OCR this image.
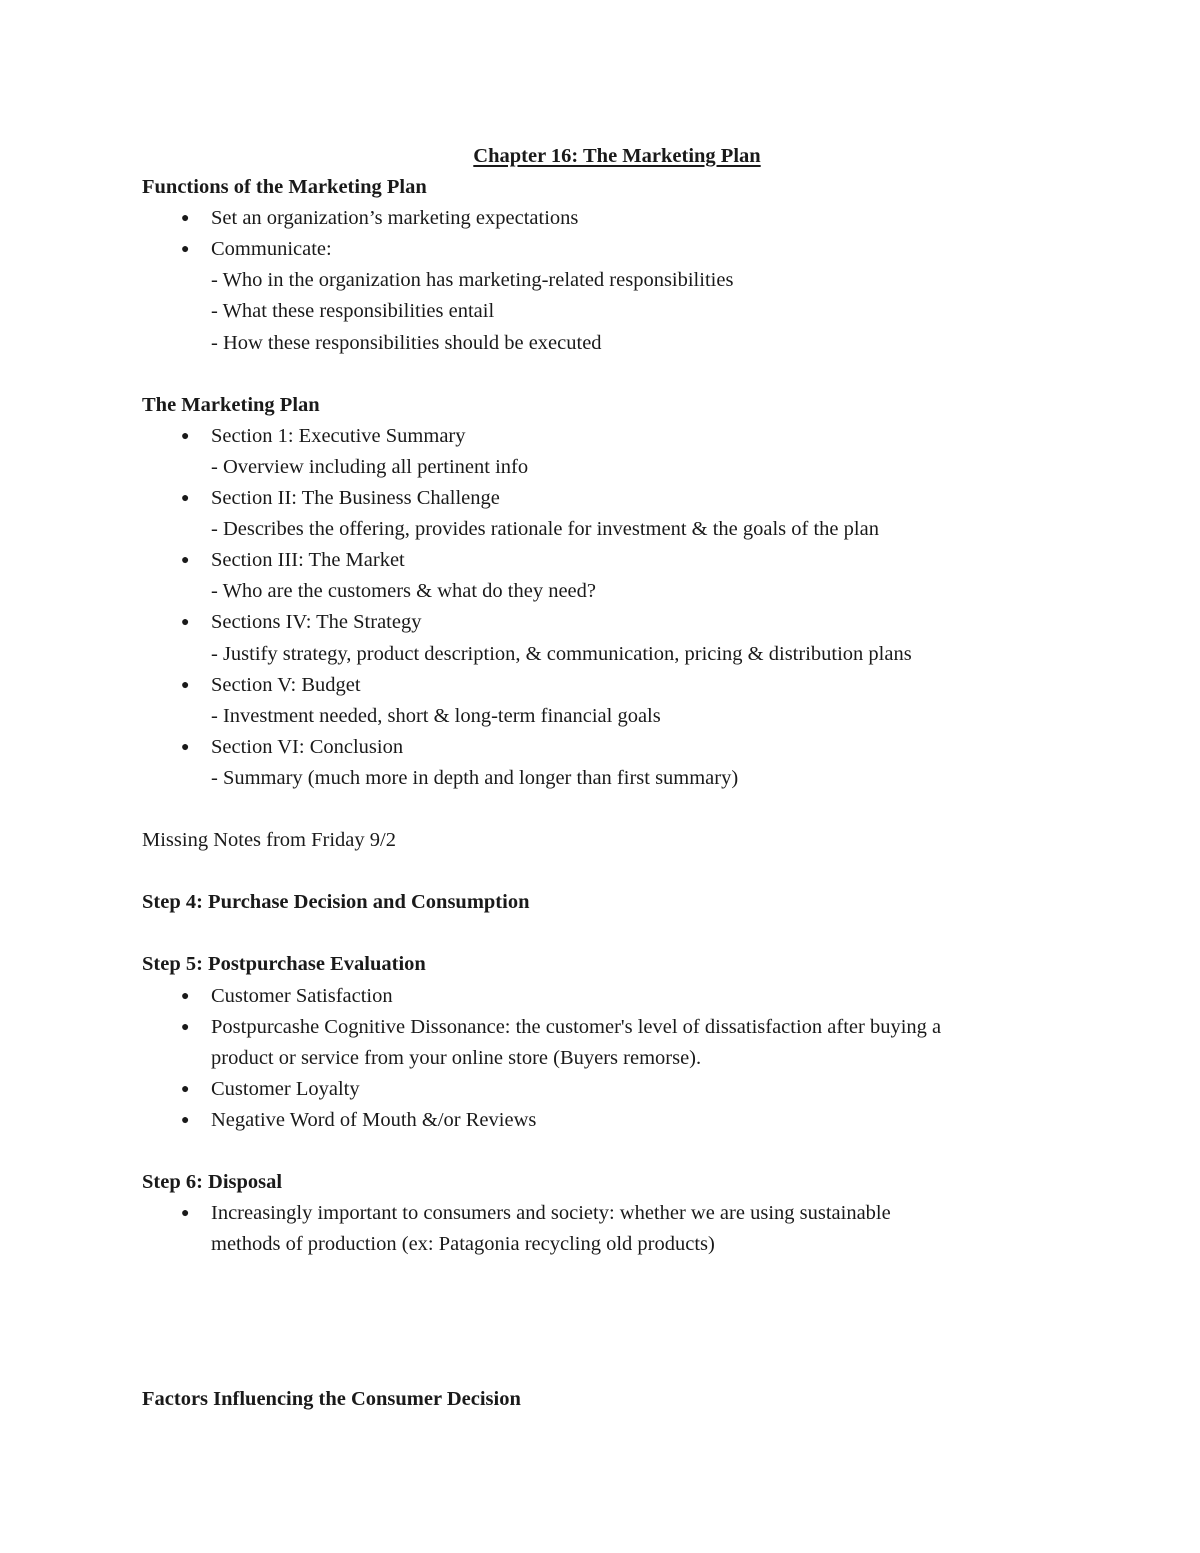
Chapter 16: The Marketing Plan
Functions of the Marketing Plan
● Set an organization’s marketing expectations
● Communicate:
- Who in the organization has marketing-related responsibilities
- What these responsibilities entail
- How these responsibilities should be executed
The Marketing Plan
● Section 1: Executive Summary
- Overview including all pertinent info
● Section II: The Business Challenge
- Describes the offering, provides rationale for investment & the goals of the plan
● Section III: The Market
- Who are the customers & what do they need?
● Sections IV: The Strategy
- Justify strategy, product description, & communication, pricing & distribution plans
● Section V: Budget
- Investment needed, short & long-term financial goals
● Section VI: Conclusion
- Summary (much more in depth and longer than first summary)
Missing Notes from Friday 9/2
Step 4: Purchase Decision and Consumption
Step 5: Postpurchase Evaluation
● Customer Satisfaction
● Postpurcashe Cognitive Dissonance: the customer's level of dissatisfaction after buying a
product or service from your online store (Buyers remorse).
● Customer Loyalty
● Negative Word of Mouth &/or Reviews
Step 6: Disposal
● Increasingly important to consumers and society: whether we are using sustainable
methods of production (ex: Patagonia recycling old products)
Factors Influencing the Consumer Decision
